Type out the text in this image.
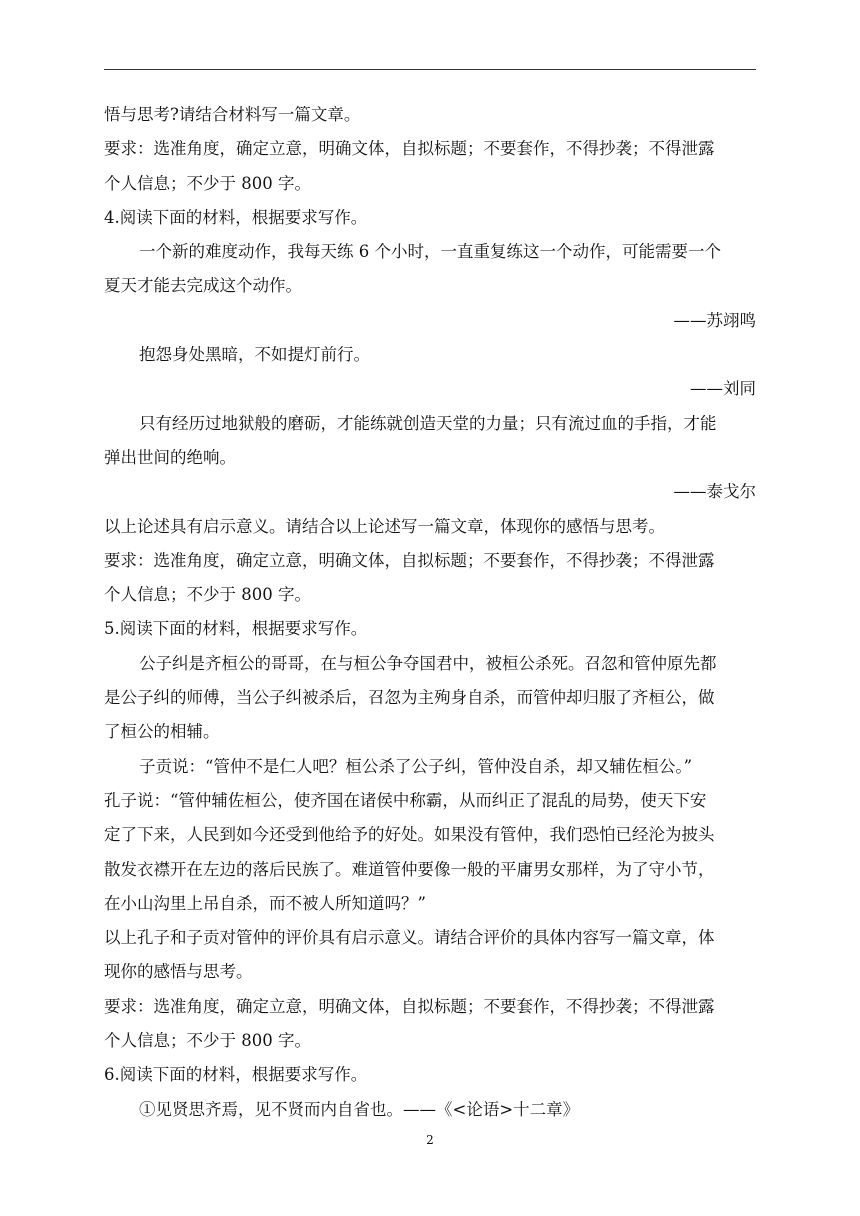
悟与思考?请结合材料写一篇文章。

要求：选准角度，确定立意，明确文体，自拟标题；不要套作，不得抄袭；不得泄露

个人信息；不少于 800 字。

4.阅读下面的材料，根据要求写作。

一个新的难度动作，我每天练 6 个小时，一直重复练这一个动作，可能需要一个

夏天才能去完成这个动作。

——苏翊鸣

抱怨身处黑暗，不如提灯前行。

——刘同

只有经历过地狱般的磨砺，才能练就创造天堂的力量；只有流过血的手指，才能

弹出世间的绝响。

——泰戈尔

以上论述具有启示意义。请结合以上论述写一篇文章，体现你的感悟与思考。

要求：选准角度，确定立意，明确文体，自拟标题；不要套作，不得抄袭；不得泄露

个人信息；不少于 800 字。

5.阅读下面的材料，根据要求写作。

公子纠是齐桓公的哥哥，在与桓公争夺国君中，被桓公杀死。召忽和管仲原先都

是公子纠的师傅，当公子纠被杀后，召忽为主殉身自杀，而管仲却归服了齐桓公，做

了桓公的相辅。

子贡说：“管仲不是仁人吧？桓公杀了公子纠，管仲没自杀，却又辅佐桓公。”

孔子说：“管仲辅佐桓公，使齐国在诸侯中称霸，从而纠正了混乱的局势，使天下安

定了下来，人民到如今还受到他给予的好处。如果没有管仲，我们恐怕已经沦为披头

散发衣襟开在左边的落后民族了。难道管仲要像一般的平庸男女那样，为了守小节，

在小山沟里上吊自杀，而不被人所知道吗？”

以上孔子和子贡对管仲的评价具有启示意义。请结合评价的具体内容写一篇文章，体

现你的感悟与思考。

要求：选准角度，确定立意，明确文体，自拟标题；不要套作，不得抄袭；不得泄露

个人信息；不少于 800 字。

6.阅读下面的材料，根据要求写作。

①见贤思齐焉，见不贤而内自省也。——《<论语>十二章》

2
